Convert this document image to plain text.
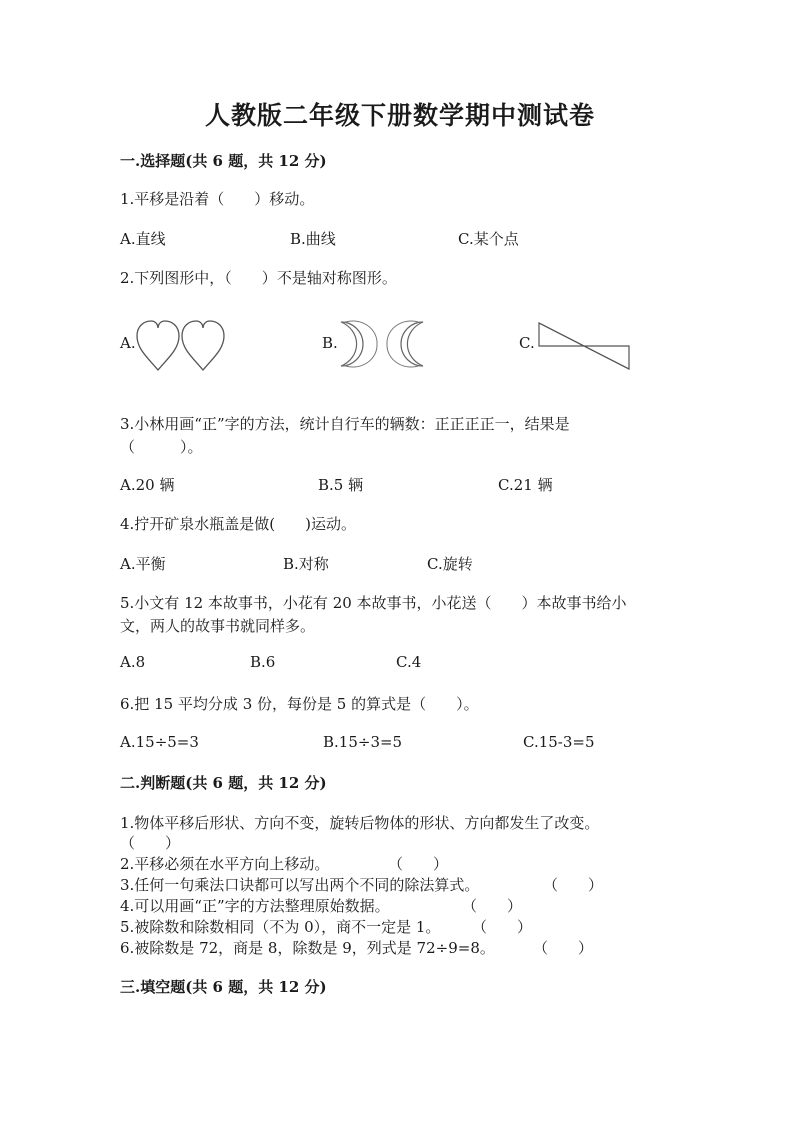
人教版二年级下册数学期中测试卷
一.选择题(共 6 题，共 12 分)
1.平移是沿着（　　）移动。
A.直线	B.曲线	C.某个点
2.下列图形中，（　　）不是轴对称图形。
A.	B.	C.
3.小林用画“正”字的方法，统计自行车的辆数：正正正正一，结果是
（　　　）。
A.20 辆	B.5 辆	C.21 辆
4.拧开矿泉水瓶盖是做(　　)运动。
A.平衡	B.对称	C.旋转
5.小文有 12 本故事书，小花有 20 本故事书，小花送（　　）本故事书给小
文，两人的故事书就同样多。
A.8	B.6	C.4
6.把 15 平均分成 3 份，每份是 5 的算式是（　　）。
A.15÷5=3	B.15÷3=5	C.15-3=5
二.判断题(共 6 题，共 12 分)
1.物体平移后形状、方向不变，旋转后物体的形状、方向都发生了改变。
（　　）
2.平移必须在水平方向上移动。	（　　）
3.任何一句乘法口诀都可以写出两个不同的除法算式。	（　　）
4.可以用画“正”字的方法整理原始数据。	（　　）
5.被除数和除数相同（不为 0），商不一定是 1。 （　　）
6.被除数是 72，商是 8，除数是 9，列式是 72÷9=8。	（　　）
三.填空题(共 6 题，共 12 分)
